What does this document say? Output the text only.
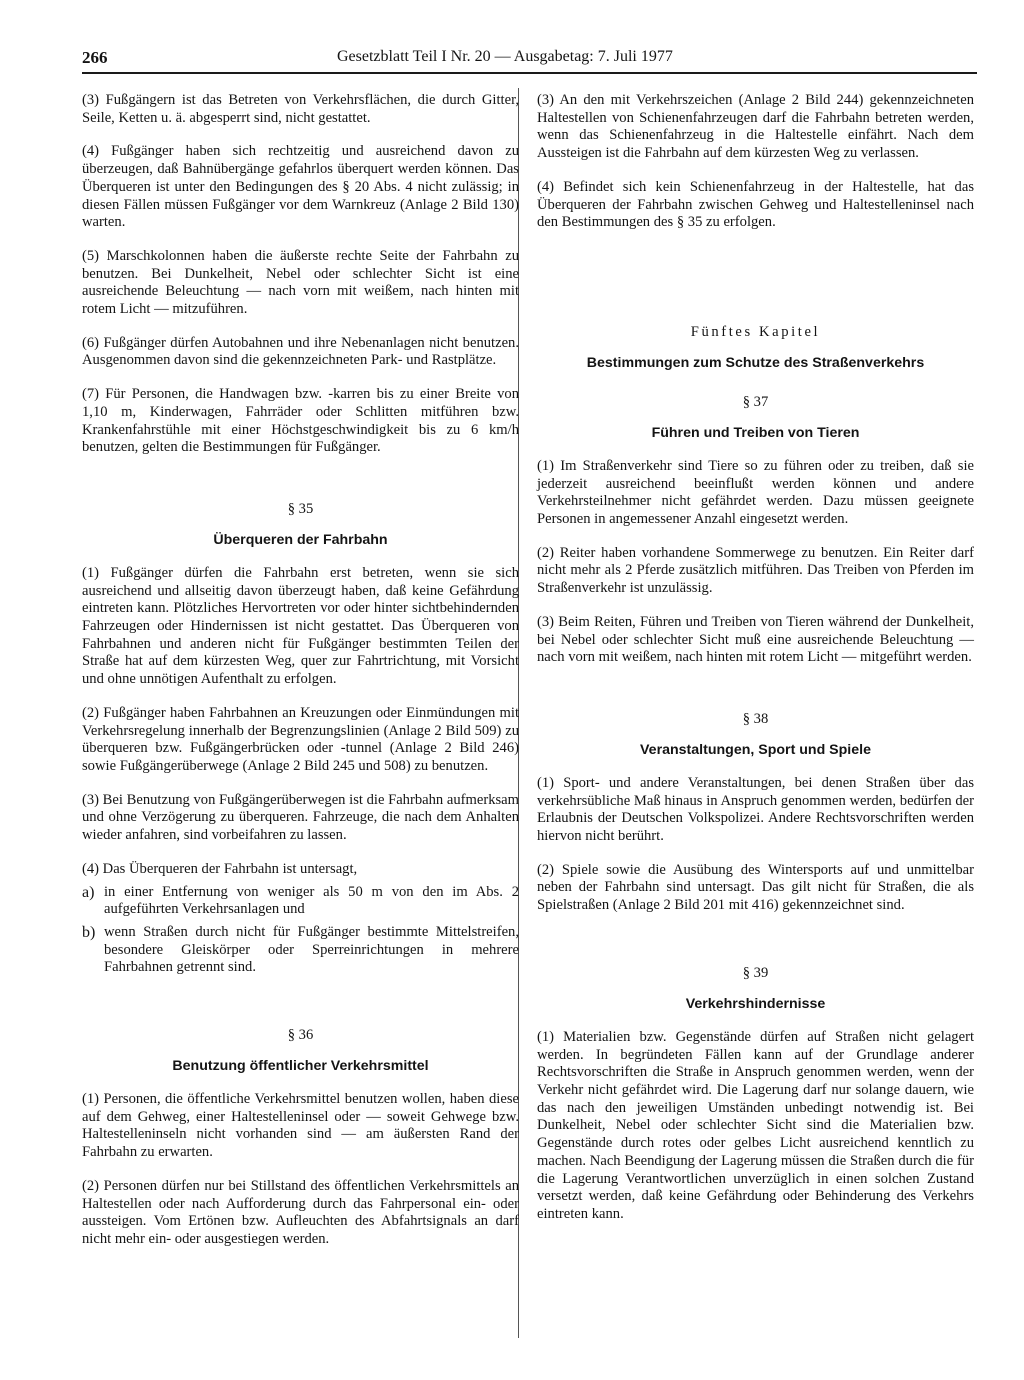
266	Gesetzblatt Teil I Nr. 20 — Ausgabetag: 7. Juli 1977

(3) Fußgängern ist das Betreten von Verkehrsflächen, die durch Gitter, Seile, Ketten u. ä. abgesperrt sind, nicht gestattet.

(4) Fußgänger haben sich rechtzeitig und ausreichend davon zu überzeugen, daß Bahnübergänge gefahrlos überquert werden können. Das Überqueren ist unter den Bedingungen des § 20 Abs. 4 nicht zulässig; in diesen Fällen müssen Fußgänger vor dem Warnkreuz (Anlage 2 Bild 130) warten.

(5) Marschkolonnen haben die äußerste rechte Seite der Fahrbahn zu benutzen. Bei Dunkelheit, Nebel oder schlechter Sicht ist eine ausreichende Beleuchtung — nach vorn mit weißem, nach hinten mit rotem Licht — mitzuführen.

(6) Fußgänger dürfen Autobahnen und ihre Nebenanlagen nicht benutzen. Ausgenommen davon sind die gekennzeichneten Park- und Rastplätze.

(7) Für Personen, die Handwagen bzw. -karren bis zu einer Breite von 1,10 m, Kinderwagen, Fahrräder oder Schlitten mitführen bzw. Krankenfahrstühle mit einer Höchstgeschwindigkeit bis zu 6 km/h benutzen, gelten die Bestimmungen für Fußgänger.

§ 35
Überqueren der Fahrbahn

(1) Fußgänger dürfen die Fahrbahn erst betreten, wenn sie sich ausreichend und allseitig davon überzeugt haben, daß keine Gefährdung eintreten kann. Plötzliches Hervortreten vor oder hinter sichtbehindernden Fahrzeugen oder Hindernissen ist nicht gestattet. Das Überqueren von Fahrbahnen und anderen nicht für Fußgänger bestimmten Teilen der Straße hat auf dem kürzesten Weg, quer zur Fahrtrichtung, mit Vorsicht und ohne unnötigen Aufenthalt zu erfolgen.

(2) Fußgänger haben Fahrbahnen an Kreuzungen oder Einmündungen mit Verkehrsregelung innerhalb der Begrenzungslinien (Anlage 2 Bild 509) zu überqueren bzw. Fußgängerbrücken oder -tunnel (Anlage 2 Bild 246) sowie Fußgängerüberwege (Anlage 2 Bild 245 und 508) zu benutzen.

(3) Bei Benutzung von Fußgängerüberwegen ist die Fahrbahn aufmerksam und ohne Verzögerung zu überqueren. Fahrzeuge, die nach dem Anhalten wieder anfahren, sind vorbeifahren zu lassen.

(4) Das Überqueren der Fahrbahn ist untersagt,

a) in einer Entfernung von weniger als 50 m von den im Abs. 2 aufgeführten Verkehrsanlagen und

b) wenn Straßen durch nicht für Fußgänger bestimmte Mittelstreifen, besondere Gleiskörper oder Sperreinrichtungen in mehrere Fahrbahnen getrennt sind.

§ 36
Benutzung öffentlicher Verkehrsmittel

(1) Personen, die öffentliche Verkehrsmittel benutzen wollen, haben diese auf dem Gehweg, einer Haltestelleninsel oder — soweit Gehwege bzw. Haltestelleninseln nicht vorhanden sind — am äußersten Rand der Fahrbahn zu erwarten.

(2) Personen dürfen nur bei Stillstand des öffentlichen Verkehrsmittels an Haltestellen oder nach Aufforderung durch das Fahrpersonal ein- oder aussteigen. Vom Ertönen bzw. Aufleuchten des Abfahrtsignals an darf nicht mehr ein- oder ausgestiegen werden.

(3) An den mit Verkehrszeichen (Anlage 2 Bild 244) gekennzeichneten Haltestellen von Schienenfahrzeugen darf die Fahrbahn betreten werden, wenn das Schienenfahrzeug in die Haltestelle einfährt. Nach dem Aussteigen ist die Fahrbahn auf dem kürzesten Weg zu verlassen.

(4) Befindet sich kein Schienenfahrzeug in der Haltestelle, hat das Überqueren der Fahrbahn zwischen Gehweg und Haltestelleninsel nach den Bestimmungen des § 35 zu erfolgen.

Fünftes Kapitel
Bestimmungen zum Schutze des Straßenverkehrs
§ 37
Führen und Treiben von Tieren

(1) Im Straßenverkehr sind Tiere so zu führen oder zu treiben, daß sie jederzeit ausreichend beeinflußt werden können und andere Verkehrsteilnehmer nicht gefährdet werden. Dazu müssen geeignete Personen in angemessener Anzahl eingesetzt werden.

(2) Reiter haben vorhandene Sommerwege zu benutzen. Ein Reiter darf nicht mehr als 2 Pferde zusätzlich mitführen. Das Treiben von Pferden im Straßenverkehr ist unzulässig.

(3) Beim Reiten, Führen und Treiben von Tieren während der Dunkelheit, bei Nebel oder schlechter Sicht muß eine ausreichende Beleuchtung — nach vorn mit weißem, nach hinten mit rotem Licht — mitgeführt werden.

§ 38
Veranstaltungen, Sport und Spiele

(1) Sport- und andere Veranstaltungen, bei denen Straßen über das verkehrsübliche Maß hinaus in Anspruch genommen werden, bedürfen der Erlaubnis der Deutschen Volkspolizei. Andere Rechtsvorschriften werden hiervon nicht berührt.

(2) Spiele sowie die Ausübung des Wintersports auf und unmittelbar neben der Fahrbahn sind untersagt. Das gilt nicht für Straßen, die als Spielstraßen (Anlage 2 Bild 201 mit 416) gekennzeichnet sind.

§ 39
Verkehrshindernisse

(1) Materialien bzw. Gegenstände dürfen auf Straßen nicht gelagert werden. In begründeten Fällen kann auf der Grundlage anderer Rechtsvorschriften die Straße in Anspruch genommen werden, wenn der Verkehr nicht gefährdet wird. Die Lagerung darf nur solange dauern, wie das nach den jeweiligen Umständen unbedingt notwendig ist. Bei Dunkelheit, Nebel oder schlechter Sicht sind die Materialien bzw. Gegenstände durch rotes oder gelbes Licht ausreichend kenntlich zu machen. Nach Beendigung der Lagerung müssen die Straßen durch die für die Lagerung Verantwortlichen unverzüglich in einen solchen Zustand versetzt werden, daß keine Gefährdung oder Behinderung des Verkehrs eintreten kann.
